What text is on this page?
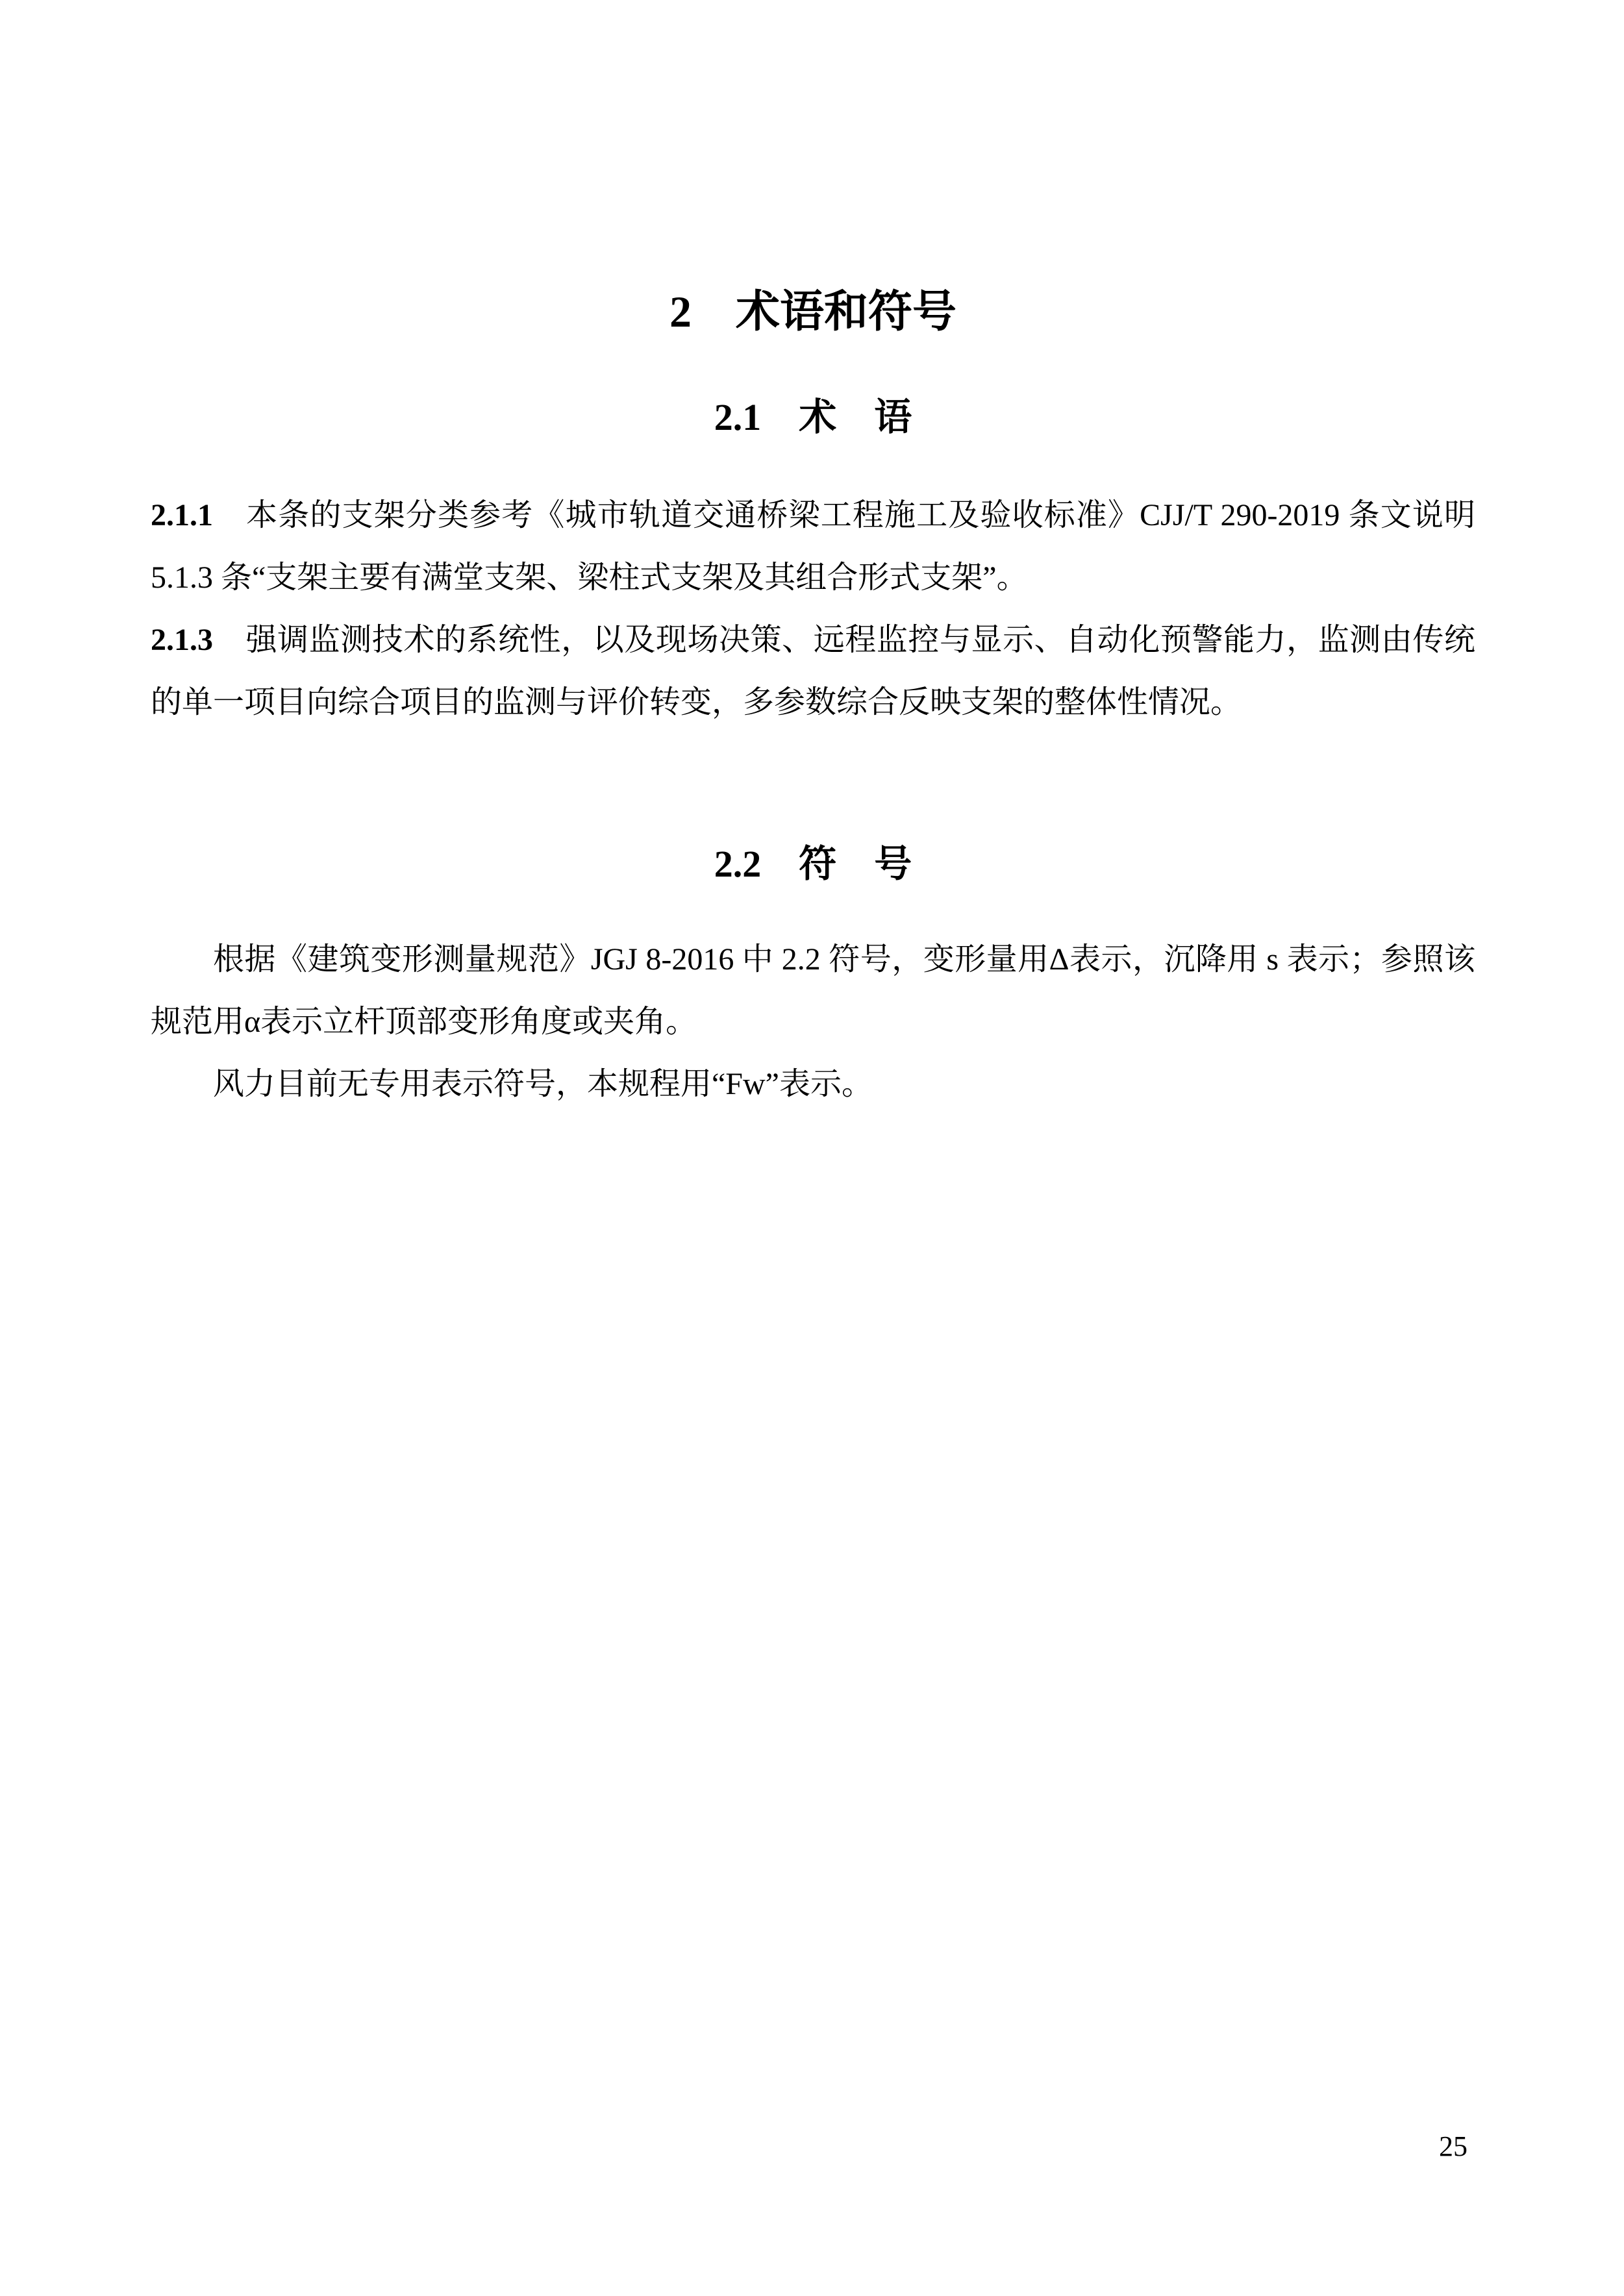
2　术语和符号
2.1　术　语

2.1.1 本条的支架分类参考《城市轨道交通桥梁工程施工及验收标准》CJJ/T 290-2019 条文说明 5.1.3 条“支架主要有满堂支架、梁柱式支架及其组合形式支架”。

2.1.3 强调监测技术的系统性，以及现场决策、远程监控与显示、自动化预警能力，监测由传统的单一项目向综合项目的监测与评价转变，多参数综合反映支架的整体性情况。

2.2　符　号

根据《建筑变形测量规范》JGJ 8-2016 中 2.2 符号，变形量用Δ表示，沉降用 s 表示；参照该规范用α表示立杆顶部变形角度或夹角。

风力目前无专用表示符号，本规程用“Fw”表示。

25
